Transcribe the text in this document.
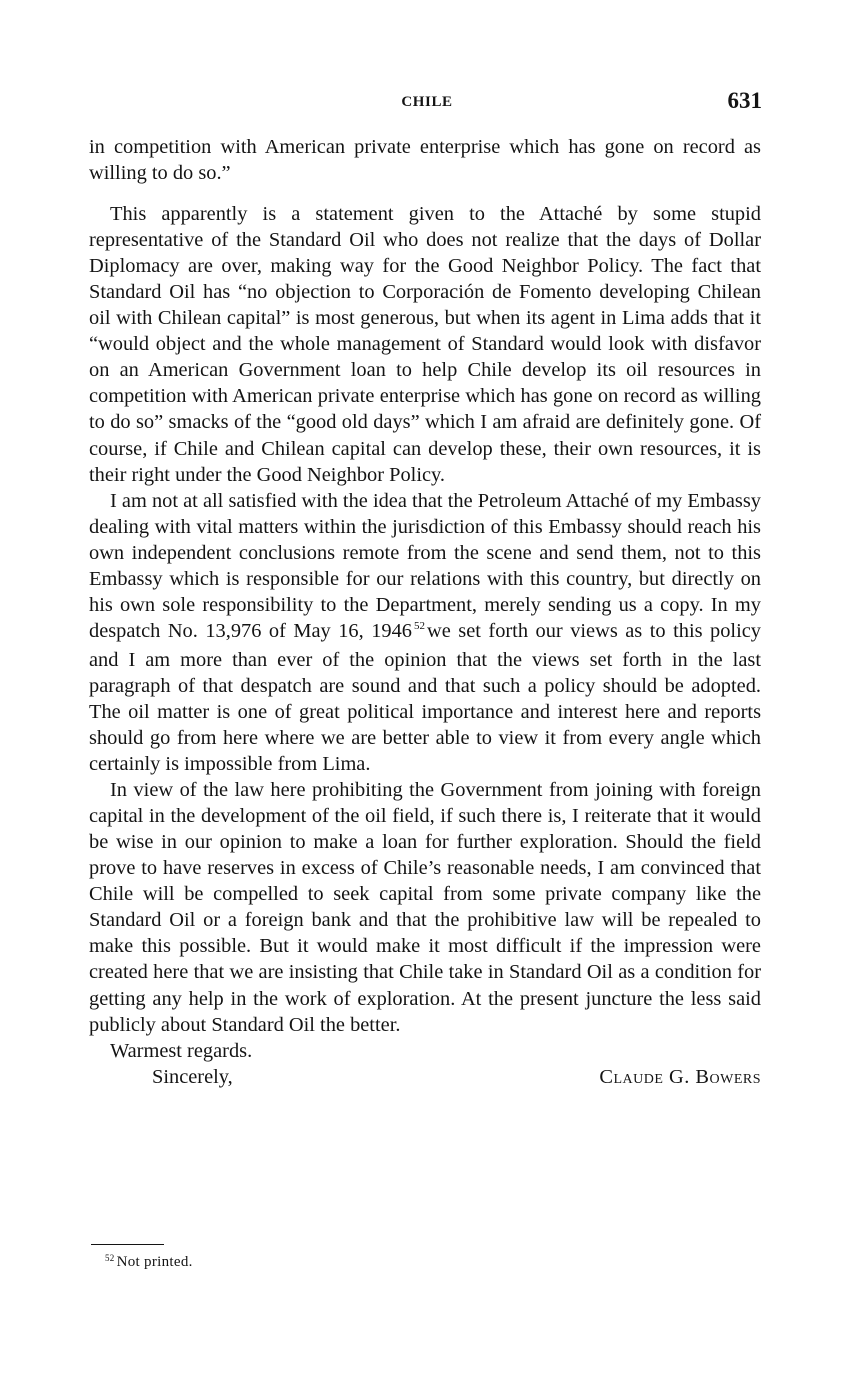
CHILE	631

in competition with American private enterprise which has gone on record as willing to do so.”

This apparently is a statement given to the Attaché by some stupid representative of the Standard Oil who does not realize that the days of Dollar Diplomacy are over, making way for the Good Neighbor Policy. The fact that Standard Oil has “no objection to Corporación de Fomento developing Chilean oil with Chilean capital” is most generous, but when its agent in Lima adds that it “would object and the whole management of Standard would look with disfavor on an American Government loan to help Chile develop its oil resources in competition with American private enterprise which has gone on record as willing to do so” smacks of the “good old days” which I am afraid are definitely gone. Of course, if Chile and Chilean capital can develop these, their own resources, it is their right under the Good Neighbor Policy.

I am not at all satisfied with the idea that the Petroleum Attaché of my Embassy dealing with vital matters within the jurisdiction of this Embassy should reach his own independent conclusions remote from the scene and send them, not to this Embassy which is responsible for our relations with this country, but directly on his own sole responsibility to the Department, merely sending us a copy. In my despatch No. 13,976 of May 16, 1946 $^{52}$we set forth our views as to this policy and I am more than ever of the opinion that the views set forth in the last paragraph of that despatch are sound and that such a policy should be adopted. The oil matter is one of great political importance and interest here and reports should go from here where we are better able to view it from every angle which certainly is impossible from Lima.

In view of the law here prohibiting the Government from joining with foreign capital in the development of the oil field, if such there is, I reiterate that it would be wise in our opinion to make a loan for further exploration. Should the field prove to have reserves in excess of Chile’s reasonable needs, I am convinced that Chile will be compelled to seek capital from some private company like the Standard Oil or a foreign bank and that the prohibitive law will be repealed to make this possible. But it would make it most difficult if the impression were created here that we are insisting that Chile take in Standard Oil as a condition for getting any help in the work of exploration. At the present juncture the less said publicly about Standard Oil the better.

Warmest regards.

Sincerely,	Claude G. Bowers
$^{52}$ Not printed.
